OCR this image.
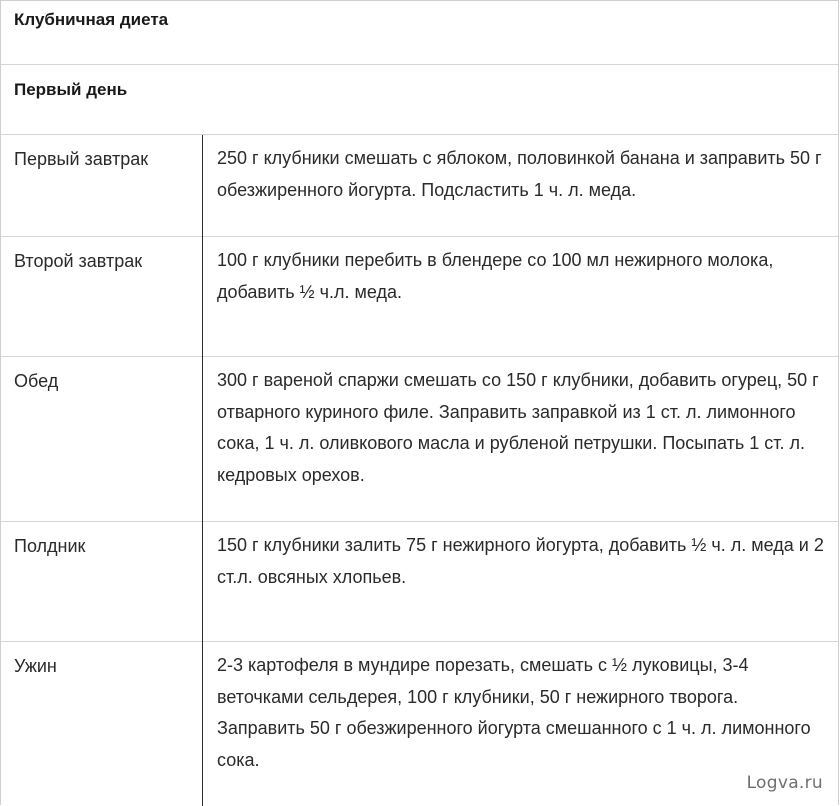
Клубничная диета
Первый день
Первый завтрак	250 г клубники смешать с яблоком, половинкой банана и заправить 50 г обезжиренного йогурта. Подсластить 1 ч. л. меда.
Второй завтрак	100 г клубники перебить в блендере со 100 мл нежирного молока, добавить ½ ч.л. меда.
Обед	300 г вареной спаржи смешать со 150 г клубники, добавить огурец, 50 г отварного куриного филе. Заправить заправкой из 1 ст. л. лимонного сока, 1 ч. л. оливкового масла и рубленой петрушки. Посыпать 1 ст. л. кедровых орехов.
Полдник	150 г клубники залить 75 г нежирного йогурта, добавить ½ ч. л. меда и 2 ст.л. овсяных хлопьев.
Ужин	2-3 картофеля в мундире порезать, смешать с ½ луковицы, 3-4 веточками сельдерея, 100 г клубники, 50 г нежирного творога. Заправить 50 г обезжиренного йогурта смешанного с 1 ч. л. лимонного сока.
Logva.ru
